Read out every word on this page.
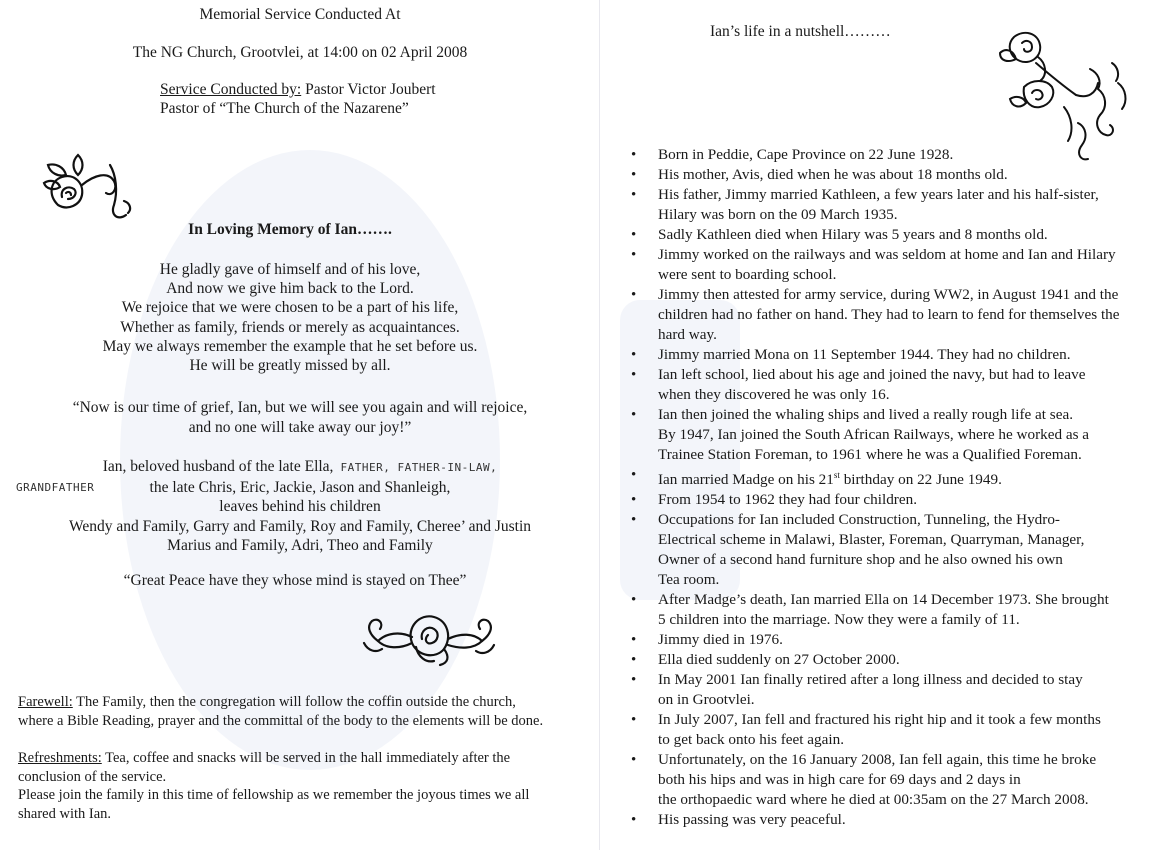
Memorial Service Conducted At
The NG Church, Grootvlei, at 14:00 on 02 April 2008
Service Conducted by: Pastor Victor Joubert
Pastor of “The Church of the Nazarene”
In Loving Memory of Ian…….
He gladly gave of himself and of his love,
And now we give him back to the Lord.
We rejoice that we were chosen to be a part of his life,
Whether as family, friends or merely as acquaintances.
May we always remember the example that he set before us.
He will be greatly missed by all.
“Now is our time of grief, Ian, but we will see you again and will rejoice,
and no one will take away our joy!”
Ian, beloved husband of the late Ella, FATHER, FATHER-IN-LAW,
the late Chris, Eric, Jackie, Jason and Shanleigh,
leaves behind his children
Wendy and Family, Garry and Family, Roy and Family, Cheree’ and Justin
Marius and Family, Adri, Theo and Family
GRANDFATHER
“Great Peace have they whose mind is stayed on Thee”
Farewell: The Family, then the congregation will follow the coffin outside the church,
where a Bible Reading, prayer and the committal of the body to the elements will be done.
Refreshments: Tea, coffee and snacks will be served in the hall immediately after the
conclusion of the service.
Please join the family in this time of fellowship as we remember the joyous times we all
shared with Ian.
Ian’s life in a nutshell………
• Born in Peddie, Cape Province on 22 June 1928.
• His mother, Avis, died when he was about 18 months old.
• His father, Jimmy married Kathleen, a few years later and his half-sister,
Hilary was born on the 09 March 1935.
• Sadly Kathleen died when Hilary was 5 years and 8 months old.
• Jimmy worked on the railways and was seldom at home and Ian and Hilary
were sent to boarding school.
• Jimmy then attested for army service, during WW2, in August 1941 and the
children had no father on hand. They had to learn to fend for themselves the
hard way.
• Jimmy married Mona on 11 September 1944. They had no children.
• Ian left school, lied about his age and joined the navy, but had to leave
when they discovered he was only 16.
• Ian then joined the whaling ships and lived a really rough life at sea.
By 1947, Ian joined the South African Railways, where he worked as a
Trainee Station Foreman, to 1961 where he was a Qualified Foreman.
• Ian married Madge on his 21st birthday on 22 June 1949.
• From 1954 to 1962 they had four children.
• Occupations for Ian included Construction, Tunneling, the Hydro-
Electrical scheme in Malawi, Blaster, Foreman, Quarryman, Manager,
Owner of a second hand furniture shop and he also owned his own
Tea room.
• After Madge’s death, Ian married Ella on 14 December 1973. She brought
5 children into the marriage. Now they were a family of 11.
• Jimmy died in 1976.
• Ella died suddenly on 27 October 2000.
• In May 2001 Ian finally retired after a long illness and decided to stay
on in Grootvlei.
• In July 2007, Ian fell and fractured his right hip and it took a few months
to get back onto his feet again.
• Unfortunately, on the 16 January 2008, Ian fell again, this time he broke
both his hips and was in high care for 69 days and 2 days in
the orthopaedic ward where he died at 00:35am on the 27 March 2008.
• His passing was very peaceful.
